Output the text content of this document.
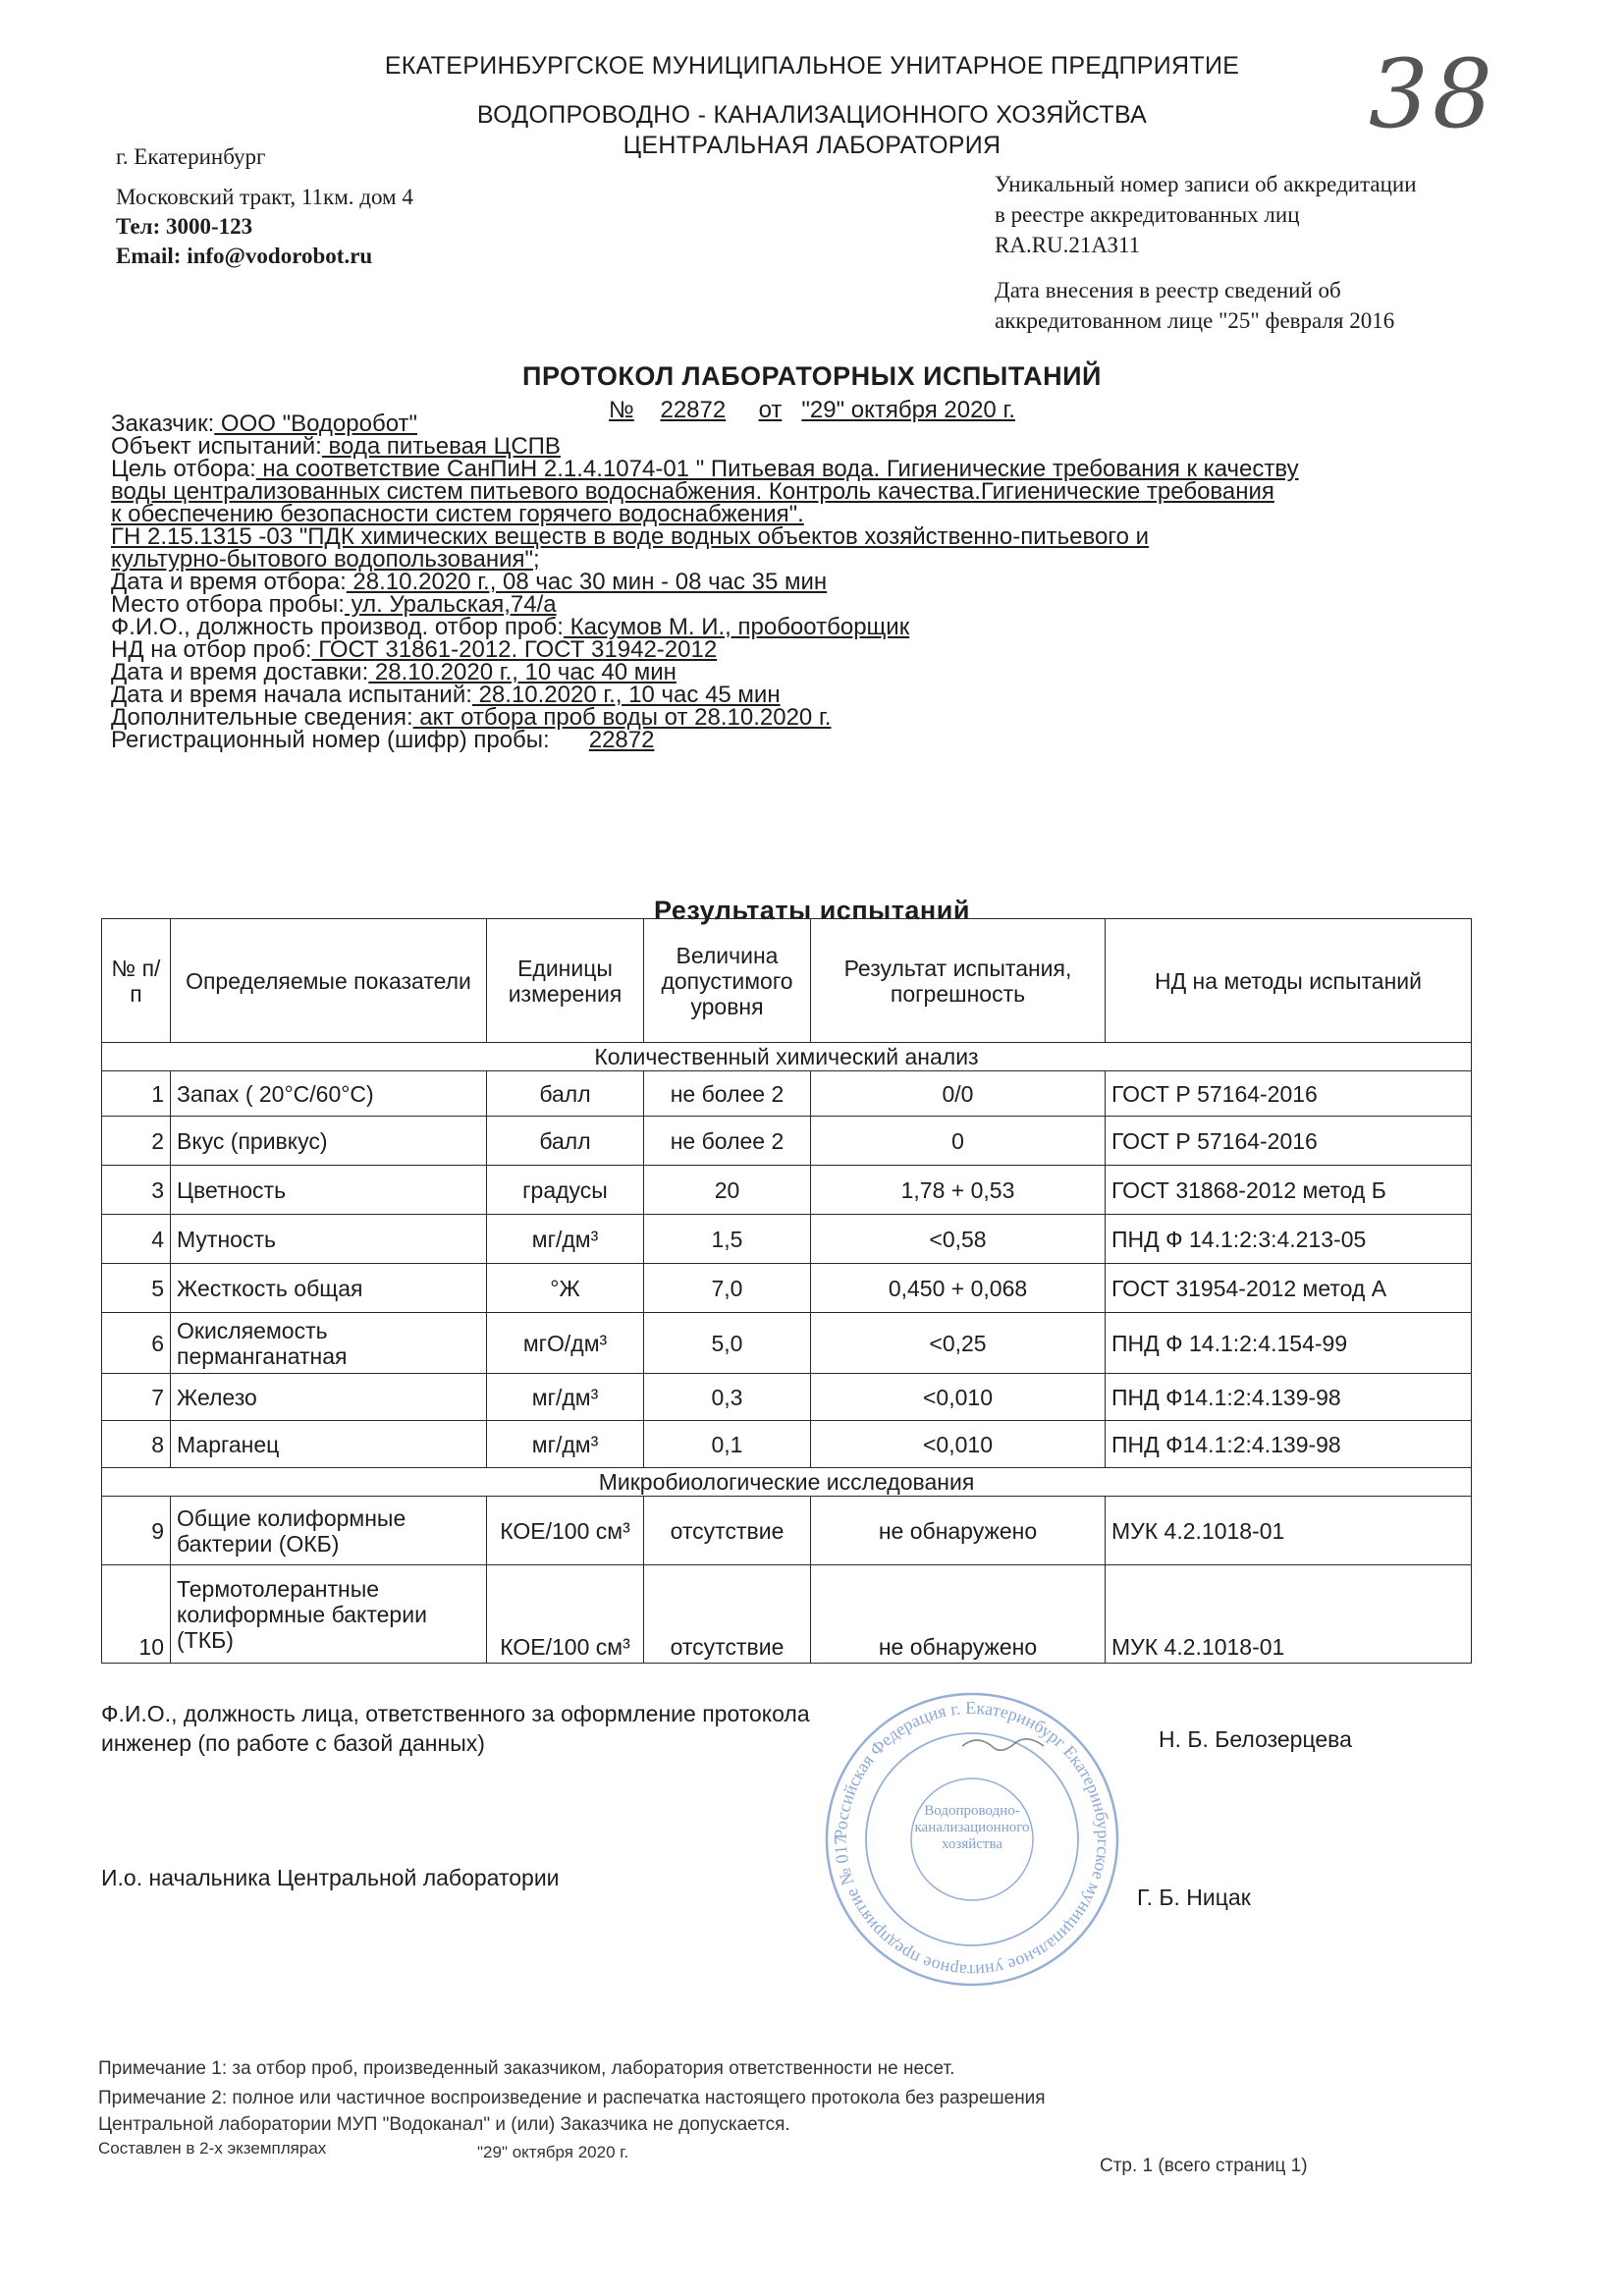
ЕКАТЕРИНБУРГСКОЕ МУНИЦИПАЛЬНОЕ УНИТАРНОЕ ПРЕДПРИЯТИЕ
ВОДОПРОВОДНО - КАНАЛИЗАЦИОННОГО ХОЗЯЙСТВА
ЦЕНТРАЛЬНАЯ ЛАБОРАТОРИЯ	38
г. Екатеринбург
Московский тракт, 11км. дом 4
Тел: 3000-123
Email: info@vodorobot.ru
Уникальный номер записи об аккредитации
в реестре аккредитованных лиц
RA.RU.21АЗ11
Дата внесения в реестр сведений об
аккредитованном лице "25" февраля 2016
ПРОТОКОЛ ЛАБОРАТОРНЫХ ИСПЫТАНИЙ
№ 22872 от "29" октября 2020 г.

Заказчик: ООО "Водоробот"

Объект испытаний: вода питьевая ЦСПВ

Цель отбора: на соответствие СанПиН 2.1.4.1074-01 " Питьевая вода. Гигиенические требования к качеству

воды централизованных систем питьевого водоснабжения. Контроль качества.Гигиенические требования

к обеспечению безопасности систем горячего водоснабжения".

ГН 2.15.1315 -03 "ПДК химических веществ в воде водных объектов хозяйственно-питьевого и

культурно-бытового водопользования";

Дата и время отбора: 28.10.2020 г., 08 час 30 мин - 08 час 35 мин

Место отбора пробы: ул. Уральская,74/а

Ф.И.О., должность производ. отбор проб: Касумов М. И., пробоотборщик

НД на отбор проб: ГОСТ 31861-2012. ГОСТ 31942-2012

Дата и время доставки: 28.10.2020 г., 10 час 40 мин

Дата и время начала испытаний: 28.10.2020 г., 10 час 45 мин

Дополнительные сведения: акт отбора проб воды от 28.10.2020 г.

Регистрационный номер (шифр) пробы: 22872

Результаты испытаний
№ п/п	Определяемые показатели	Единицы измерения	Величина допустимого уровня	Результат испытания, погрешность	НД на методы испытаний
Количественный химический анализ					
1	Запах ( 20°С/60°С)	балл	не более 2	0/0	ГОСТ Р 57164-2016
2	Вкус (привкус)	балл	не более 2	0	ГОСТ Р 57164-2016
3	Цветность	градусы	20	1,78 + 0,53	ГОСТ 31868-2012 метод Б
4	Мутность	мг/дм³	1,5	<0,58	ПНД Ф 14.1:2:3:4.213-05
5	Жесткость общая	°Ж	7,0	0,450 + 0,068	ГОСТ 31954-2012 метод А
6	Окисляемость перманганатная	мгО/дм³	5,0	<0,25	ПНД Ф 14.1:2:4.154-99
7	Железо	мг/дм³	0,3	<0,010	ПНД Ф14.1:2:4.139-98
8	Марганец	мг/дм³	0,1	<0,010	ПНД Ф14.1:2:4.139-98
Микробиологические исследования					
9	Общие колиформные бактерии (ОКБ)	КОЕ/100 см³	отсутствие	не обнаружено	МУК 4.2.1018-01
10	Термотолерантные колиформные бактерии (ТКБ)	КОЕ/100 см³	отсутствие	не обнаружено	МУК 4.2.1018-01
Ф.И.О., должность лица, ответственного за оформление протокола
инженер (по работе с базой данных)	Н. Б. Белозерцева
И.о. начальника Центральной лаборатории
Г. Б. Ницак
Российская Федерация г. Екатеринбург Екатеринбургское муниципальное унитарное предприятие № 017
Водопроводно-канализационного хозяйства
Примечание 1: за отбор проб, произведенный заказчиком, лаборатория ответственности не несет.
Примечание 2: полное или частичное воспроизведение и распечатка настоящего протокола без разрешения
Центральной лаборатории МУП "Водоканал" и (или) Заказчика не допускается.
Составлен в 2-х экземплярах	"29" октября 2020 г.
Стр. 1 (всего страниц 1)
